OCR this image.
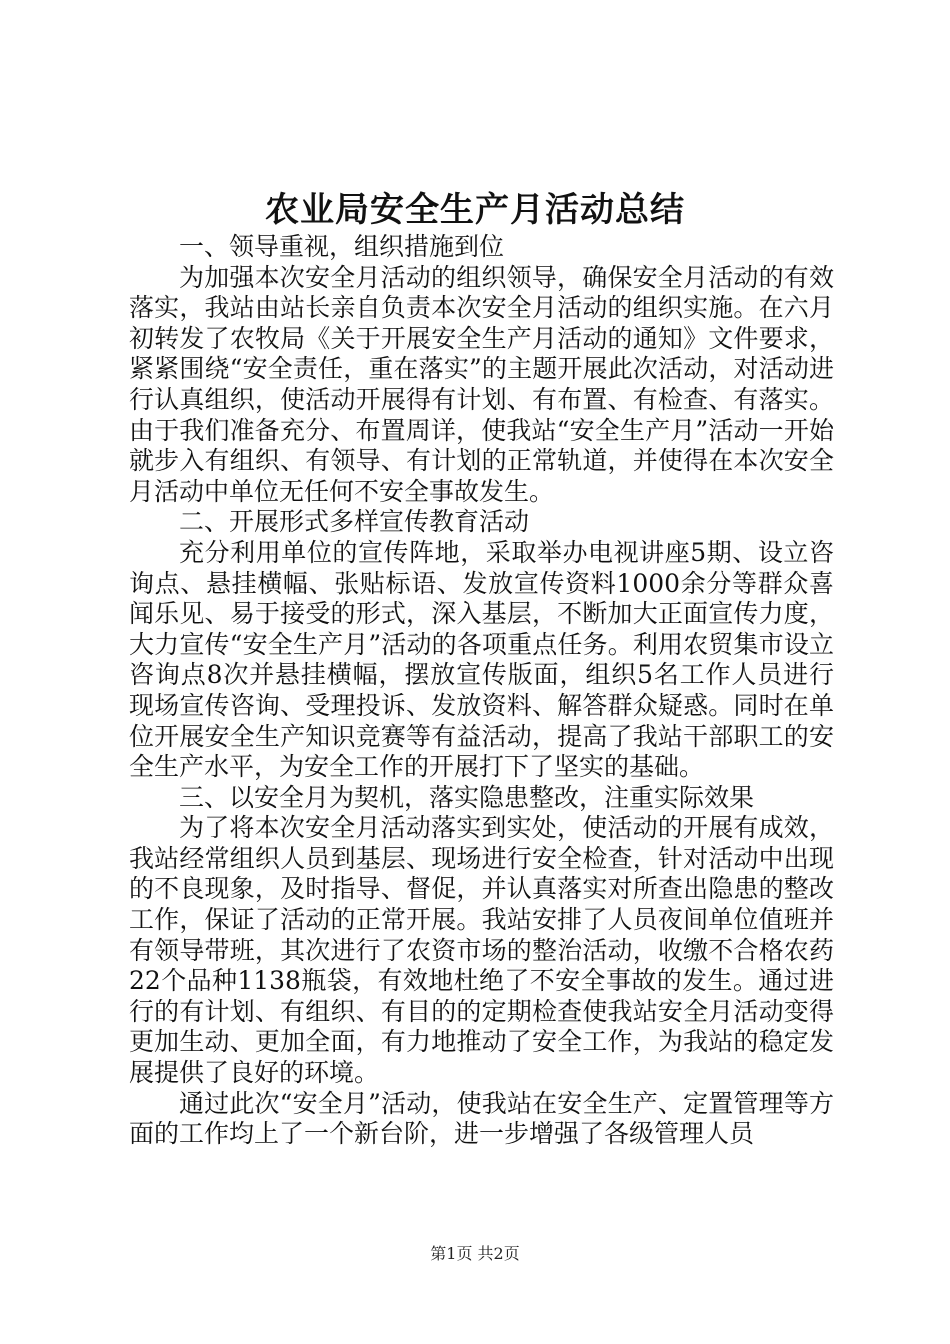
农业局安全生产月活动总结

一、领导重视，组织措施到位

为加强本次安全月活动的组织领导，确保安全月活动的有效落实，我站由站长亲自负责本次安全月活动的组织实施。在六月初转发了农牧局《关于开展安全生产月活动的通知》文件要求，紧紧围绕“安全责任，重在落实”的主题开展此次活动，对活动进行认真组织，使活动开展得有计划、有布置、有检查、有落实。由于我们准备充分、布置周详，使我站“安全生产月”活动一开始就步入有组织、有领导、有计划的正常轨道，并使得在本次安全月活动中单位无任何不安全事故发生。

二、开展形式多样宣传教育活动

充分利用单位的宣传阵地，采取举办电视讲座5期、设立咨询点、悬挂横幅、张贴标语、发放宣传资料1000余分等群众喜闻乐见、易于接受的形式，深入基层，不断加大正面宣传力度，大力宣传“安全生产月”活动的各项重点任务。利用农贸集市设立咨询点8次并悬挂横幅，摆放宣传版面，组织5名工作人员进行现场宣传咨询、受理投诉、发放资料、解答群众疑惑。同时在单位开展安全生产知识竞赛等有益活动，提高了我站干部职工的安全生产水平，为安全工作的开展打下了坚实的基础。

三、以安全月为契机，落实隐患整改，注重实际效果

为了将本次安全月活动落实到实处，使活动的开展有成效，我站经常组织人员到基层、现场进行安全检查，针对活动中出现的不良现象，及时指导、督促，并认真落实对所查出隐患的整改工作，保证了活动的正常开展。我站安排了人员夜间单位值班并有领导带班，其次进行了农资市场的整治活动，收缴不合格农药22个品种1138瓶袋，有效地杜绝了不安全事故的发生。通过进行的有计划、有组织、有目的的定期检查使我站安全月活动变得更加生动、更加全面，有力地推动了安全工作，为我站的稳定发展提供了良好的环境。

通过此次“安全月”活动，使我站在安全生产、定置管理等方面的工作均上了一个新台阶，进一步增强了各级管理人员

第1页 共2页
